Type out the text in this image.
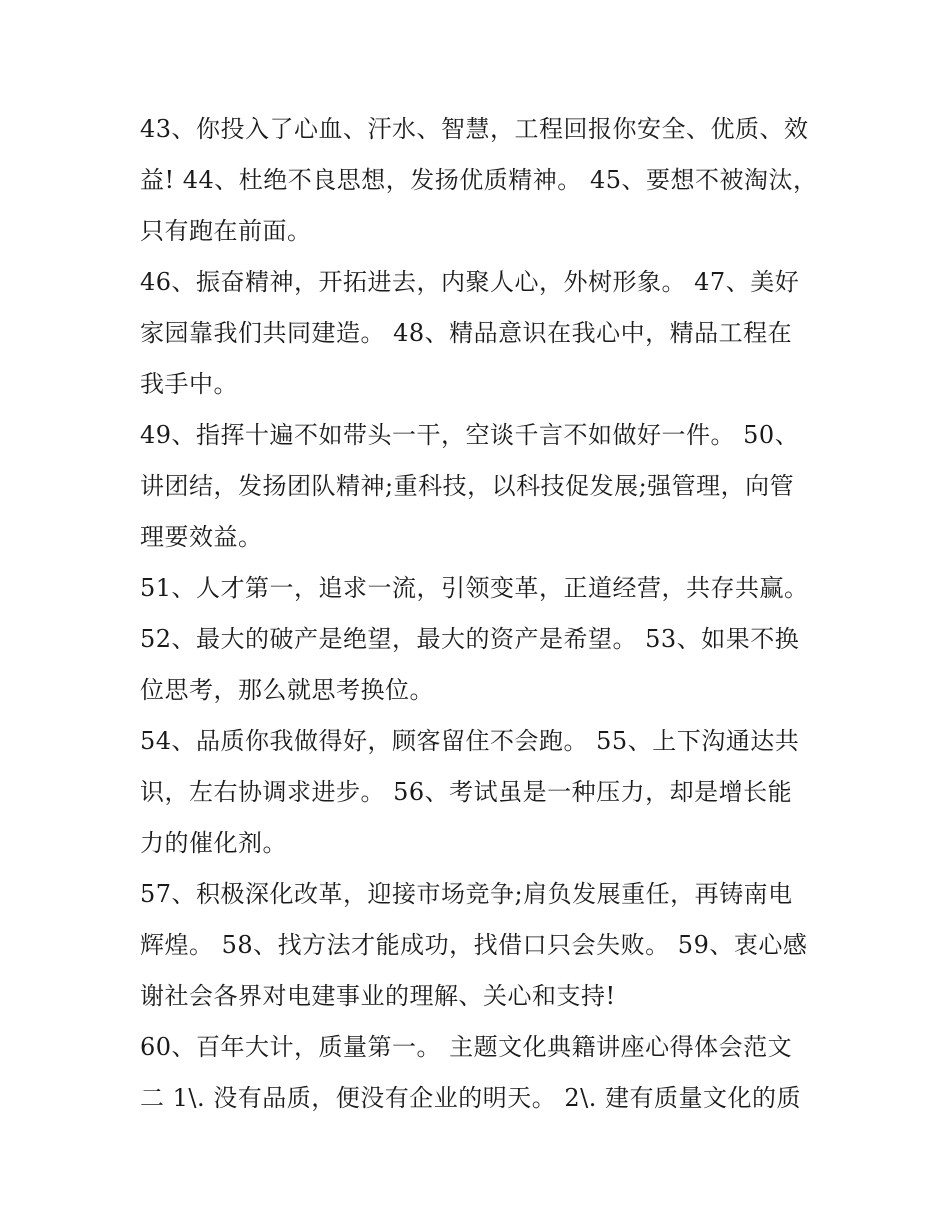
43、你投入了心血、汗水、智慧，工程回报你安全、优质、效
益! 44、杜绝不良思想，发扬优质精神。 45、要想不被淘汰，
只有跑在前面。
46、振奋精神，开拓进去，内聚人心，外树形象。 47、美好
家园靠我们共同建造。 48、精品意识在我心中，精品工程在
我手中。
49、指挥十遍不如带头一干，空谈千言不如做好一件。 50、
讲团结，发扬团队精神;重科技，以科技促发展;强管理，向管
理要效益。
51、人才第一，追求一流，引领变革，正道经营，共存共赢。
52、最大的破产是绝望，最大的资产是希望。 53、如果不换
位思考，那么就思考换位。
54、品质你我做得好，顾客留住不会跑。 55、上下沟通达共
识，左右协调求进步。 56、考试虽是一种压力，却是增长能
力的催化剂。
57、积极深化改革，迎接市场竞争;肩负发展重任，再铸南电
辉煌。 58、找方法才能成功，找借口只会失败。 59、衷心感
谢社会各界对电建事业的理解、关心和支持!
60、百年大计，质量第一。 主题文化典籍讲座心得体会范文
二 1\. 没有品质，便没有企业的明天。 2\. 建有质量文化的质
